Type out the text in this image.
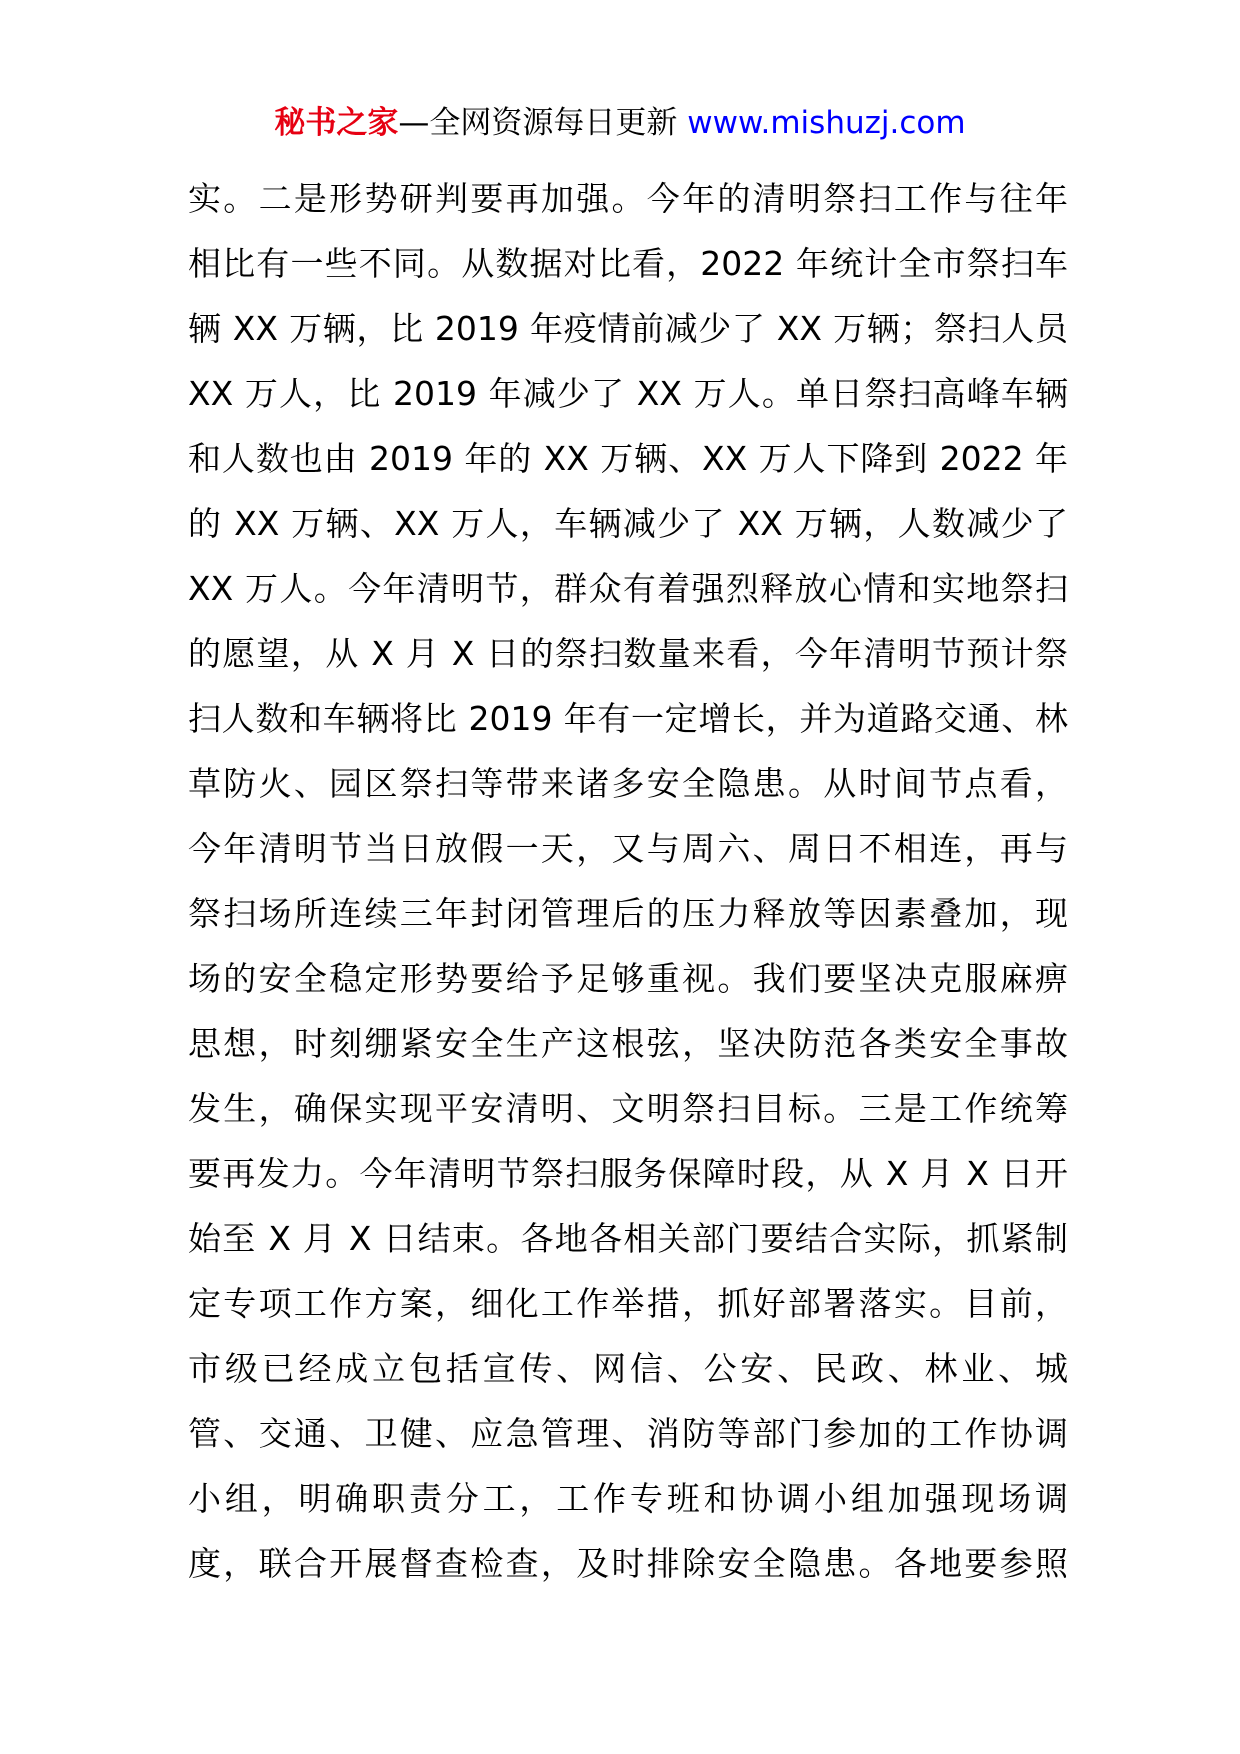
秘书之家—全网资源每日更新 www.mishuzj.com
实。二是形势研判要再加强。今年的清明祭扫工作与往年
相比有一些不同。从数据对比看，2022 年统计全市祭扫车
辆 XX 万辆，比 2019 年疫情前减少了 XX 万辆；祭扫人员
XX 万人，比 2019 年减少了 XX 万人。单日祭扫高峰车辆
和人数也由 2019 年的 XX 万辆、XX 万人下降到 2022 年
的 XX 万辆、XX 万人，车辆减少了 XX 万辆，人数减少了
XX 万人。今年清明节，群众有着强烈释放心情和实地祭扫
的愿望，从 X 月 X 日的祭扫数量来看，今年清明节预计祭
扫人数和车辆将比 2019 年有一定增长，并为道路交通、林
草防火、园区祭扫等带来诸多安全隐患。从时间节点看，
今年清明节当日放假一天，又与周六、周日不相连，再与
祭扫场所连续三年封闭管理后的压力释放等因素叠加，现
场的安全稳定形势要给予足够重视。我们要坚决克服麻痹
思想，时刻绷紧安全生产这根弦，坚决防范各类安全事故
发生，确保实现平安清明、文明祭扫目标。三是工作统筹
要再发力。今年清明节祭扫服务保障时段，从 X 月 X 日开
始至 X 月 X 日结束。各地各相关部门要结合实际，抓紧制
定专项工作方案，细化工作举措，抓好部署落实。目前，
市级已经成立包括宣传、网信、公安、民政、林业、城
管、交通、卫健、应急管理、消防等部门参加的工作协调
小组，明确职责分工，工作专班和协调小组加强现场调
度，联合开展督查检查，及时排除安全隐患。各地要参照
